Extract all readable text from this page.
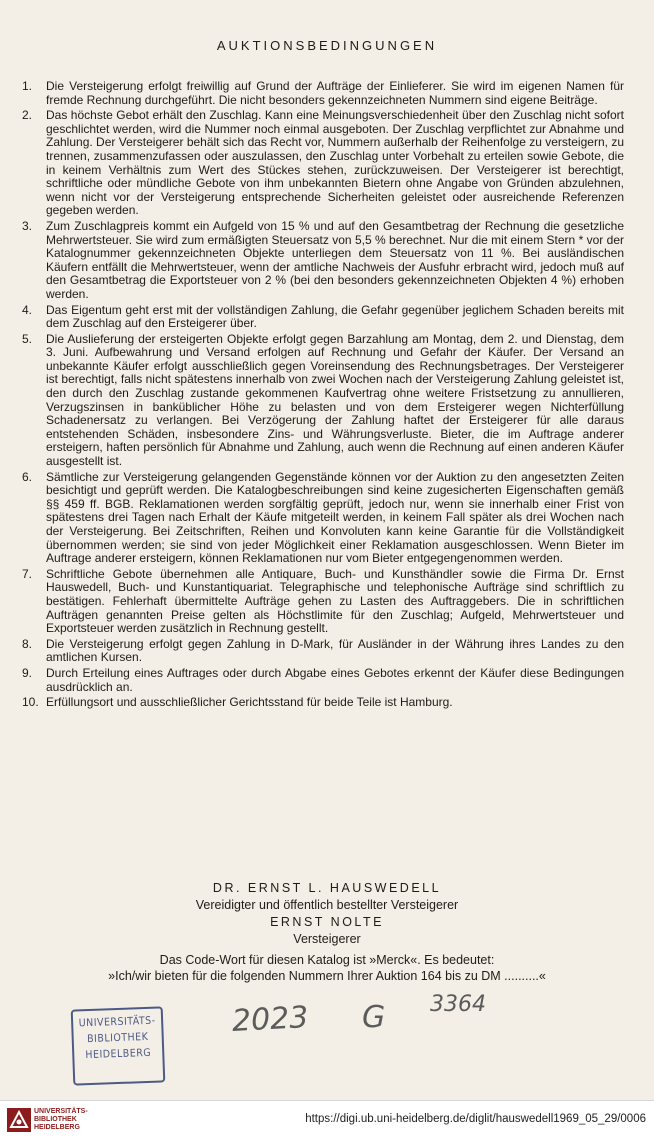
AUKTIONSBEDINGUNGEN
1.	Die Versteigerung erfolgt freiwillig auf Grund der Aufträge der Einlieferer. Sie wird im eigenen Namen für fremde Rechnung durchgeführt. Die nicht besonders gekennzeichneten Nummern sind eigene Beiträge.
2.	Das höchste Gebot erhält den Zuschlag. Kann eine Meinungsverschiedenheit über den Zuschlag nicht sofort geschlichtet werden, wird die Nummer noch einmal ausgeboten. Der Zuschlag verpflichtet zur Abnahme und Zahlung. Der Versteigerer behält sich das Recht vor, Nummern außerhalb der Reihenfolge zu versteigern, zu trennen, zusammenzufassen oder auszulassen, den Zuschlag unter Vorbehalt zu erteilen sowie Gebote, die in keinem Verhältnis zum Wert des Stückes stehen, zurückzuweisen. Der Versteigerer ist berechtigt, schriftliche oder mündliche Gebote von ihm unbekannten Bietern ohne Angabe von Gründen abzulehnen, wenn nicht vor der Versteigerung entsprechende Sicherheiten geleistet oder ausreichende Referenzen gegeben werden.
3.	Zum Zuschlagpreis kommt ein Aufgeld von 15 % und auf den Gesamtbetrag der Rechnung die gesetzliche Mehrwertsteuer. Sie wird zum ermäßigten Steuersatz von 5,5 % berechnet. Nur die mit einem Stern * vor der Katalognummer gekennzeichneten Objekte unterliegen dem Steuersatz von 11 %. Bei ausländischen Käufern entfällt die Mehrwertsteuer, wenn der amtliche Nachweis der Ausfuhr erbracht wird, jedoch muß auf den Gesamtbetrag die Exportsteuer von 2 % (bei den besonders gekennzeichneten Objekten 4 %) erhoben werden.
4.	Das Eigentum geht erst mit der vollständigen Zahlung, die Gefahr gegenüber jeglichem Schaden bereits mit dem Zuschlag auf den Ersteigerer über.
5.	Die Auslieferung der ersteigerten Objekte erfolgt gegen Barzahlung am Montag, dem 2. und Dienstag, dem 3. Juni. Aufbewahrung und Versand erfolgen auf Rechnung und Gefahr der Käufer. Der Versand an unbekannte Käufer erfolgt ausschließlich gegen Voreinsendung des Rechnungsbetrages. Der Versteigerer ist berechtigt, falls nicht spätestens innerhalb von zwei Wochen nach der Versteigerung Zahlung geleistet ist, den durch den Zuschlag zustande gekommenen Kaufvertrag ohne weitere Fristsetzung zu annullieren, Verzugszinsen in banküblicher Höhe zu belasten und von dem Ersteigerer wegen Nichterfüllung Schadenersatz zu verlangen. Bei Verzögerung der Zahlung haftet der Ersteigerer für alle daraus entstehenden Schäden, insbesondere Zins- und Währungsverluste. Bieter, die im Auftrage anderer ersteigern, haften persönlich für Abnahme und Zahlung, auch wenn die Rechnung auf einen anderen Käufer ausgestellt ist.
6.	Sämtliche zur Versteigerung gelangenden Gegenstände können vor der Auktion zu den angesetzten Zeiten besichtigt und geprüft werden. Die Katalogbeschreibungen sind keine zugesicherten Eigenschaften gemäß §§ 459 ff. BGB. Reklamationen werden sorgfältig geprüft, jedoch nur, wenn sie innerhalb einer Frist von spätestens drei Tagen nach Erhalt der Käufe mitgeteilt werden, in keinem Fall später als drei Wochen nach der Versteigerung. Bei Zeitschriften, Reihen und Konvoluten kann keine Garantie für die Vollständigkeit übernommen werden; sie sind von jeder Möglichkeit einer Reklamation ausgeschlossen. Wenn Bieter im Auftrage anderer ersteigern, können Reklamationen nur vom Bieter entgegengenommen werden.
7.	Schriftliche Gebote übernehmen alle Antiquare, Buch- und Kunsthändler sowie die Firma Dr. Ernst Hauswedell, Buch- und Kunstantiquariat. Telegraphische und telephonische Aufträge sind schriftlich zu bestätigen. Fehlerhaft übermittelte Aufträge gehen zu Lasten des Auftraggebers. Die in schriftlichen Aufträgen genannten Preise gelten als Höchstlimite für den Zuschlag; Aufgeld, Mehrwertsteuer und Exportsteuer werden zusätzlich in Rechnung gestellt.
8.	Die Versteigerung erfolgt gegen Zahlung in D-Mark, für Ausländer in der Währung ihres Landes zu den amtlichen Kursen.
9.	Durch Erteilung eines Auftrages oder durch Abgabe eines Gebotes erkennt der Käufer diese Bedingungen ausdrücklich an.
10. Erfüllungsort und ausschließlicher Gerichtsstand für beide Teile ist Hamburg.
DR. ERNST L. HAUSWEDELL
Vereidigter und öffentlich bestellter Versteigerer
ERNST NOLTE
Versteigerer
Das Code-Wort für diesen Katalog ist »Merck«. Es bedeutet:
»Ich/wir bieten für die folgenden Nummern Ihrer Auktion 164 bis zu DM ..........«
UNIVERSITÄTS-
BIBLIOTHEK
HEIDELBERG
2023 G 3364
UNIVERSITÄTS-
BIBLIOTHEK
HEIDELBERG
https://digi.ub.uni-heidelberg.de/diglit/hauswedell1969_05_29/0006
